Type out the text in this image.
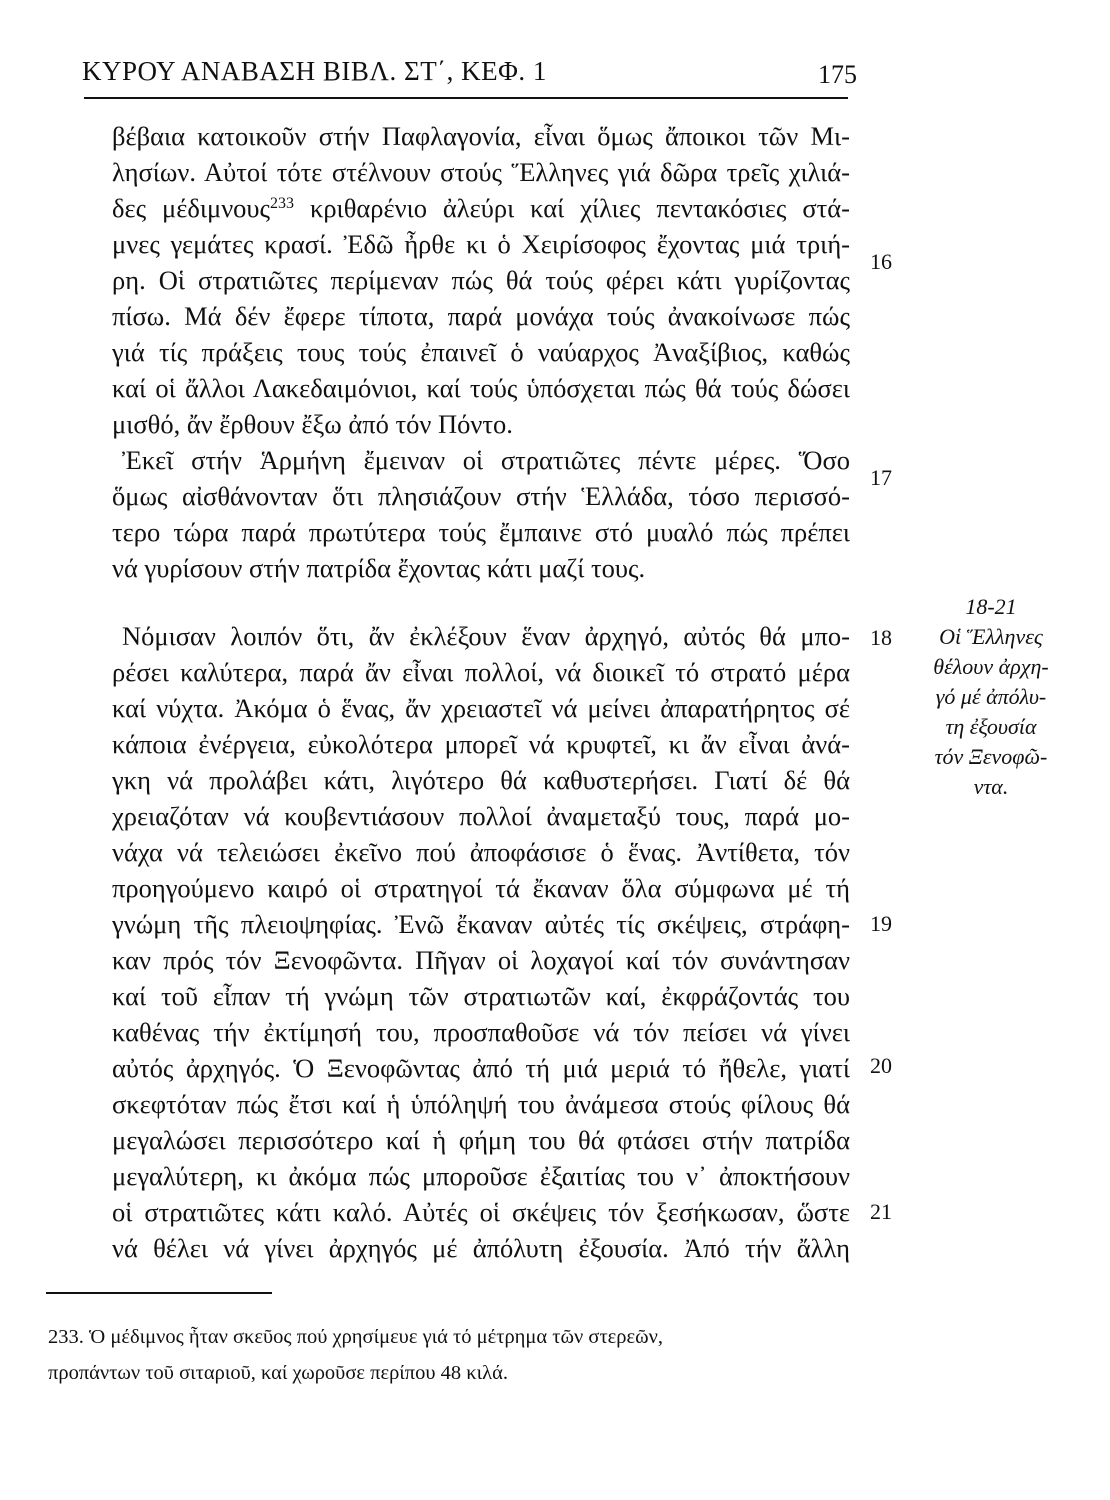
ΚΥΡΟΥ ΑΝΑΒΑΣΗ ΒΙΒΛ. ΣΤ΄, ΚΕΦ. 1	175
βέβαια κατοικοῦν στήν Παφλαγονία, εἶναι ὅμως ἄποικοι τῶν Μι-
λησίων. Αὐτοί τότε στέλνουν στούς Ἕλληνες γιά δῶρα τρεῖς χιλιά-
δες μέδιμνους$^{233}$ κριθαρένιο ἀλεύρι καί χίλιες πεντακόσιες στά-
μνες γεμάτες κρασί. Ἐδῶ ἦρθε κι ὁ Χειρίσοφος ἔχοντας μιά τριή-
ρη. Οἱ στρατιῶτες περίμεναν πώς θά τούς φέρει κάτι γυρίζοντας
πίσω. Μά δέν ἔφερε τίποτα, παρά μονάχα τούς ἀνακοίνωσε πώς
γιά τίς πράξεις τους τούς ἐπαινεῖ ὁ ναύαρχος Ἀναξίβιος, καθώς
καί οἱ ἄλλοι Λακεδαιμόνιοι, καί τούς ὑπόσχεται πώς θά τούς δώσει
μισθό, ἄν ἔρθουν ἔξω ἀπό τόν Πόντο.
Ἐκεῖ στήν Ἁρμήνη ἔμειναν οἱ στρατιῶτες πέντε μέρες. Ὅσο
ὅμως αἰσθάνονταν ὅτι πλησιάζουν στήν Ἑλλάδα, τόσο περισσό-
τερο τώρα παρά πρωτύτερα τούς ἔμπαινε στό μυαλό πώς πρέπει
νά γυρίσουν στήν πατρίδα ἔχοντας κάτι μαζί τους.
Νόμισαν λοιπόν ὅτι, ἄν ἐκλέξουν ἕναν ἀρχηγό, αὐτός θά μπο-
ρέσει καλύτερα, παρά ἄν εἶναι πολλοί, νά διοικεῖ τό στρατό μέρα
καί νύχτα. Ἀκόμα ὁ ἕνας, ἄν χρειαστεῖ νά μείνει ἀπαρατήρητος σέ
κάποια ἐνέργεια, εὐκολότερα μπορεῖ νά κρυφτεῖ, κι ἄν εἶναι ἀνά-
γκη νά προλάβει κάτι, λιγότερο θά καθυστερήσει. Γιατί δέ θά
χρειαζόταν νά κουβεντιάσουν πολλοί ἀναμεταξύ τους, παρά μο-
νάχα νά τελειώσει ἐκεῖνο πού ἀποφάσισε ὁ ἕνας. Ἀντίθετα, τόν
προηγούμενο καιρό οἱ στρατηγοί τά ἔκαναν ὅλα σύμφωνα μέ τή
γνώμη τῆς πλειοψηφίας. Ἐνῶ ἔκαναν αὐτές τίς σκέψεις, στράφη-
καν πρός τόν Ξενοφῶντα. Πῆγαν οἱ λοχαγοί καί τόν συνάντησαν
καί τοῦ εἶπαν τή γνώμη τῶν στρατιωτῶν καί, ἐκφράζοντάς του
καθένας τήν ἐκτίμησή του, προσπαθοῦσε νά τόν πείσει νά γίνει
αὐτός ἀρχηγός. Ὁ Ξενοφῶντας ἀπό τή μιά μεριά τό ἤθελε, γιατί
σκεφτόταν πώς ἔτσι καί ἡ ὑπόληψή του ἀνάμεσα στούς φίλους θά
μεγαλώσει περισσότερο καί ἡ φήμη του θά φτάσει στήν πατρίδα
μεγαλύτερη, κι ἀκόμα πώς μποροῦσε ἐξαιτίας του ν᾽ ἀποκτήσουν
οἱ στρατιῶτες κάτι καλό. Αὐτές οἱ σκέψεις τόν ξεσήκωσαν, ὥστε
νά θέλει νά γίνει ἀρχηγός μέ ἀπόλυτη ἐξουσία. Ἀπό τήν ἄλλη
16
17
18
19
20
21
18-21
Οἱ Ἕλληνες
θέλουν ἀρχη-
γό μέ ἀπόλυ-
τη ἐξουσία
τόν Ξενοφῶ-
ντα.
233. Ὁ μέδιμνος ἦταν σκεῦος πού χρησίμευε γιά τό μέτρημα τῶν στερεῶν,
προπάντων τοῦ σιταριοῦ, καί χωροῦσε περίπου 48 κιλά.
